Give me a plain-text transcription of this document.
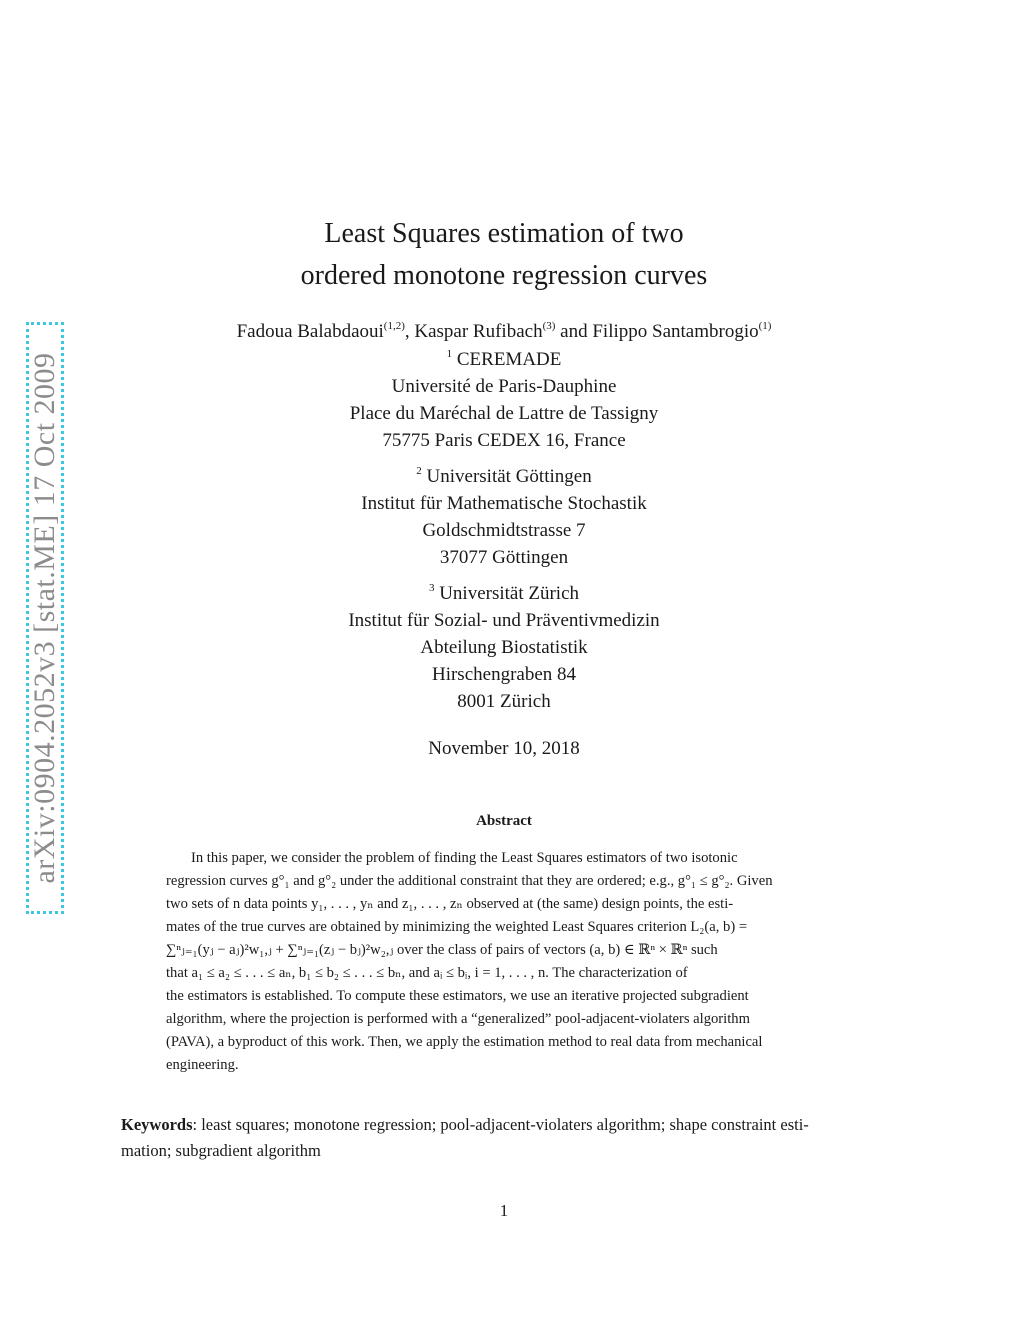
arXiv:0904.2052v3 [stat.ME] 17 Oct 2009
Least Squares estimation of two
ordered monotone regression curves
Fadoua Balabdaoui$^{(1,2)}$, Kaspar Rufibach$^{(3)}$ and Filippo Santambrogio$^{(1)}$
$^1$ CEREMADE
Université de Paris-Dauphine
Place du Maréchal de Lattre de Tassigny
75775 Paris CEDEX 16, France
$^2$ Universität Göttingen
Institut für Mathematische Stochastik
Goldschmidtstrasse 7
37077 Göttingen
$^3$ Universität Zürich
Institut für Sozial- und Präventivmedizin
Abteilung Biostatistik
Hirschengraben 84
8001 Zürich
November 10, 2018
Abstract
In this paper, we consider the problem of finding the Least Squares estimators of two isotonic
regression curves g°₁ and g°₂ under the additional constraint that they are ordered; e.g., g°₁ ≤ g°₂. Given
two sets of n data points y₁, . . . , yₙ and z₁, . . . , zₙ observed at (the same) design points, the esti-
mates of the true curves are obtained by minimizing the weighted Least Squares criterion L₂(a, b) =
∑ⁿⱼ₌₁(yⱼ − aⱼ)²w₁,ⱼ + ∑ⁿⱼ₌₁(zⱼ − bⱼ)²w₂,ⱼ over the class of pairs of vectors (a, b) ∈ ℝⁿ × ℝⁿ such
that a₁ ≤ a₂ ≤ . . . ≤ aₙ, b₁ ≤ b₂ ≤ . . . ≤ bₙ, and aᵢ ≤ bᵢ, i = 1, . . . , n. The characterization of
the estimators is established. To compute these estimators, we use an iterative projected subgradient
algorithm, where the projection is performed with a “generalized” pool-adjacent-violaters algorithm
(PAVA), a byproduct of this work. Then, we apply the estimation method to real data from mechanical
engineering.
Keywords: least squares; monotone regression; pool-adjacent-violaters algorithm; shape constraint esti-
mation; subgradient algorithm
1
